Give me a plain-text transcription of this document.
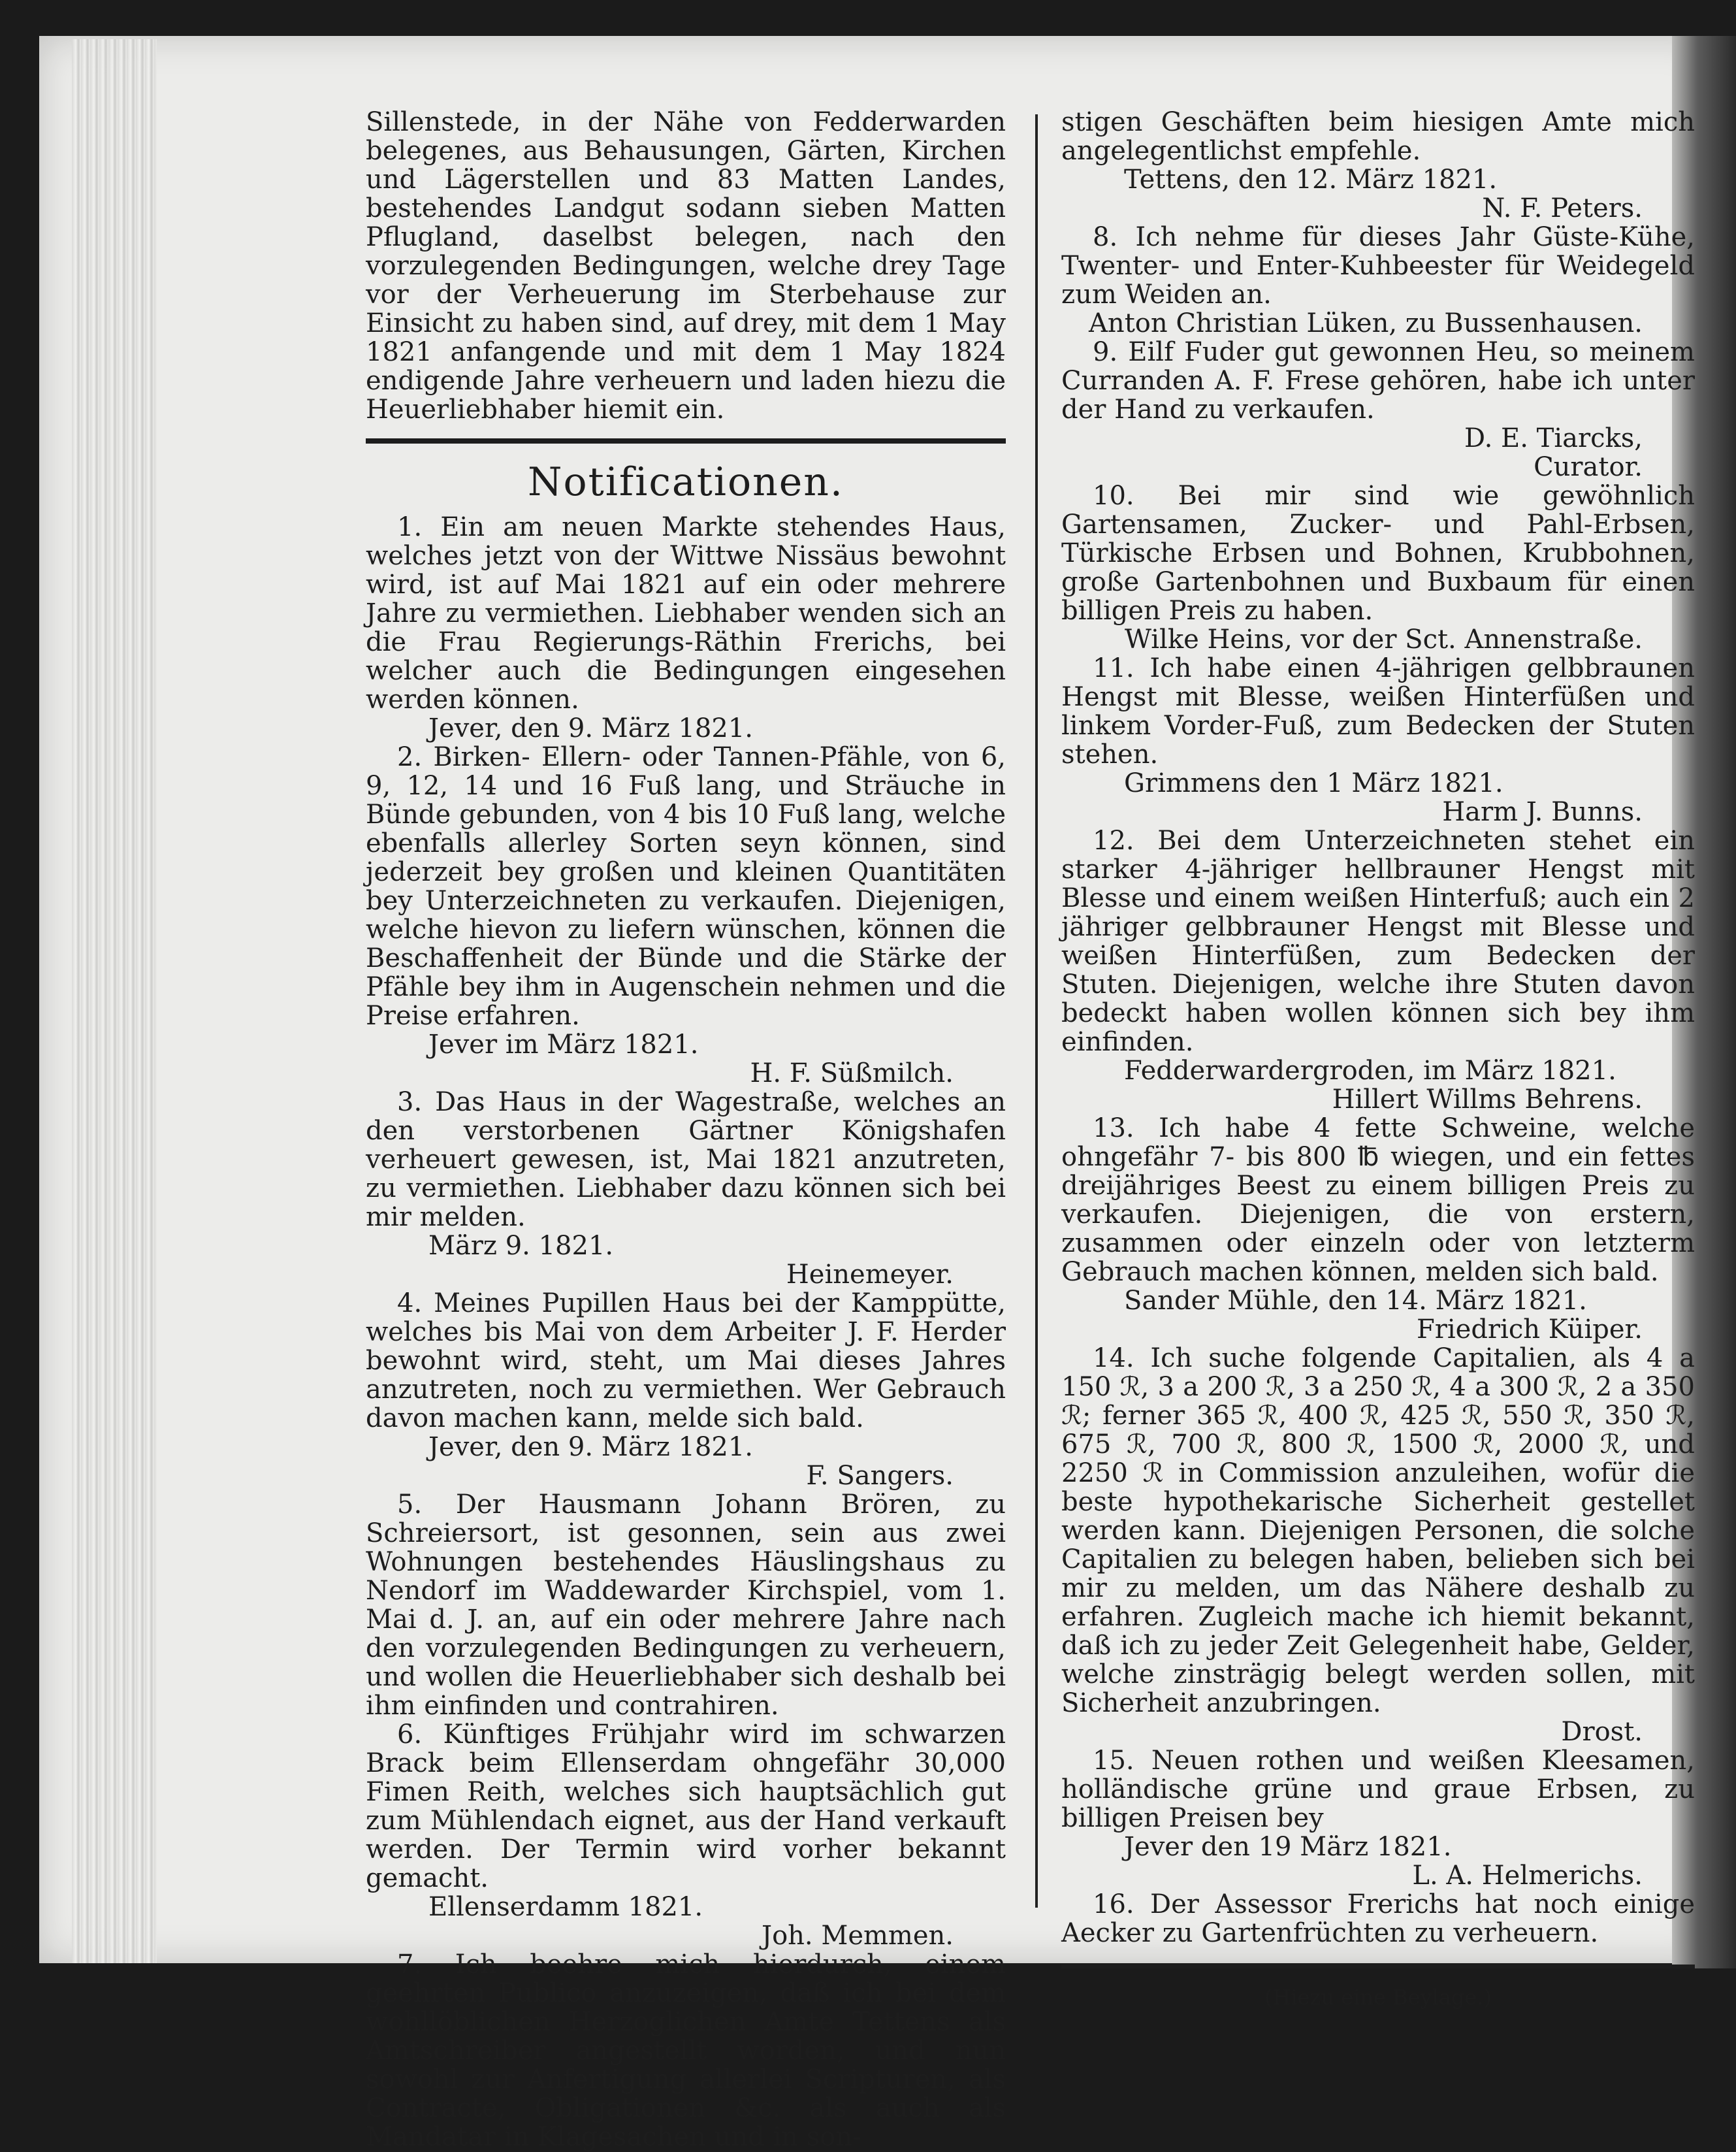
Sillenstede, in der Nähe von Fedderwarden belegenes, aus Behausungen, Gärten, Kirchen und Lägerstellen und 83 Matten Landes, bestehendes Landgut sodann sieben Matten Pflugland, daselbst belegen, nach den vorzulegenden Bedingungen, welche drey Tage vor der Verheuerung im Sterbehause zur Einsicht zu haben sind, auf drey, mit dem 1 May 1821 anfangende und mit dem 1 May 1824 endigende Jahre verheuern und laden hiezu die Heuerliebhaber hiemit ein.

Notificationen.

1. Ein am neuen Markte stehendes Haus, welches jetzt von der Wittwe Nissäus bewohnt wird, ist auf Mai 1821 auf ein oder mehrere Jahre zu vermiethen. Liebhaber wenden sich an die Frau Regierungs-Räthin Frerichs, bei welcher auch die Bedingungen eingesehen werden können.

Jever, den 9. März 1821.

2. Birken- Ellern- oder Tannen-Pfähle, von 6, 9, 12, 14 und 16 Fuß lang, und Sträuche in Bünde gebunden, von 4 bis 10 Fuß lang, welche ebenfalls allerley Sorten seyn können, sind jederzeit bey großen und kleinen Quantitäten bey Unterzeichneten zu verkaufen. Diejenigen, welche hievon zu liefern wünschen, können die Beschaffenheit der Bünde und die Stärke der Pfähle bey ihm in Augenschein nehmen und die Preise erfahren.

Jever im März 1821.

H. F. Süßmilch.

3. Das Haus in der Wagestraße, welches an den verstorbenen Gärtner Königshafen verheuert gewesen, ist, Mai 1821 anzutreten, zu vermiethen. Liebhaber dazu können sich bei mir melden.

März 9. 1821.

Heinemeyer.

4. Meines Pupillen Haus bei der Kamppütte, welches bis Mai von dem Arbeiter J. F. Herder bewohnt wird, steht, um Mai dieses Jahres anzutreten, noch zu vermiethen. Wer Gebrauch davon machen kann, melde sich bald.

Jever, den 9. März 1821.

F. Sangers.

5. Der Hausmann Johann Brören, zu Schreiersort, ist gesonnen, sein aus zwei Wohnungen bestehendes Häuslingshaus zu Nendorf im Waddewarder Kirchspiel, vom 1. Mai d. J. an, auf ein oder mehrere Jahre nach den vorzulegenden Bedingungen zu verheuern, und wollen die Heuerliebhaber sich deshalb bei ihm einfinden und contrahiren.

6. Künftiges Frühjahr wird im schwarzen Brack beim Ellenserdam ohngefähr 30,000 Fimen Reith, welches sich hauptsächlich gut zum Mühlendach eignet, aus der Hand verkauft werden. Der Termin wird vorher bekannt gemacht.

Ellenserdamm 1821.

Joh. Memmen.

7. Ich beehre mich hierdurch, einem geehrten Publico anzuzeigen, daß ich bei dem wohllöblichen Herzoglichen Amte Tettens als Amtschreiber angestellt worden, und nun sowohl zur Anfertigung allerlei Scripturen, als Contracte, Obligationen &c. als auch als Mandatar in Klagesachen und in son-

stigen Geschäften beim hiesigen Amte mich angelegentlichst empfehle.

Tettens, den 12. März 1821.

N. F. Peters.

8. Ich nehme für dieses Jahr Güste-Kühe, Twenter- und Enter-Kuhbeester für Weidegeld zum Weiden an.

Anton Christian Lüken, zu Bussenhausen.

9. Eilf Fuder gut gewonnen Heu, so meinem Curranden A. F. Frese gehören, habe ich unter der Hand zu verkaufen.

D. E. Tiarcks,

Curator.

10. Bei mir sind wie gewöhnlich Gartensamen, Zucker- und Pahl-Erbsen, Türkische Erbsen und Bohnen, Krubbohnen, große Gartenbohnen und Buxbaum für einen billigen Preis zu haben.

Wilke Heins, vor der Sct. Annenstraße.

11. Ich habe einen 4-jährigen gelbbraunen Hengst mit Blesse, weißen Hinterfüßen und linkem Vorder-Fuß, zum Bedecken der Stuten stehen.

Grimmens den 1 März 1821.

Harm J. Bunns.

12. Bei dem Unterzeichneten stehet ein starker 4-jähriger hellbrauner Hengst mit Blesse und einem weißen Hinterfuß; auch ein 2 jähriger gelbbrauner Hengst mit Blesse und weißen Hinterfüßen, zum Bedecken der Stuten. Diejenigen, welche ihre Stuten davon bedeckt haben wollen können sich bey ihm einfinden.

Fedderwardergroden, im März 1821.

Hillert Willms Behrens.

13. Ich habe 4 fette Schweine, welche ohngefähr 7- bis 800 ℔ wiegen, und ein fettes dreijähriges Beest zu einem billigen Preis zu verkaufen. Diejenigen, die von erstern, zusammen oder einzeln oder von letzterm Gebrauch machen können, melden sich bald.

Sander Mühle, den 14. März 1821.

Friedrich Küiper.

14. Ich suche folgende Capitalien, als 4 a 150 ℛ, 3 a 200 ℛ, 3 a 250 ℛ, 4 a 300 ℛ, 2 a 350 ℛ; ferner 365 ℛ, 400 ℛ, 425 ℛ, 550 ℛ, 350 ℛ, 675 ℛ, 700 ℛ, 800 ℛ, 1500 ℛ, 2000 ℛ, und 2250 ℛ in Commission anzuleihen, wofür die beste hypothekarische Sicherheit gestellet werden kann. Diejenigen Personen, die solche Capitalien zu belegen haben, belieben sich bei mir zu melden, um das Nähere deshalb zu erfahren. Zugleich mache ich hiemit bekannt, daß ich zu jeder Zeit Gelegenheit habe, Gelder, welche zinsträgig belegt werden sollen, mit Sicherheit anzubringen.

Drost.

15. Neuen rothen und weißen Kleesamen, holländische grüne und graue Erbsen, zu billigen Preisen bey

Jever den 19 März 1821.

L. A. Helmerichs.

16. Der Assessor Frerichs hat noch einige Aecker zu Gartenfrüchten zu verheuern.

(Hiezu eine Beylage.)
